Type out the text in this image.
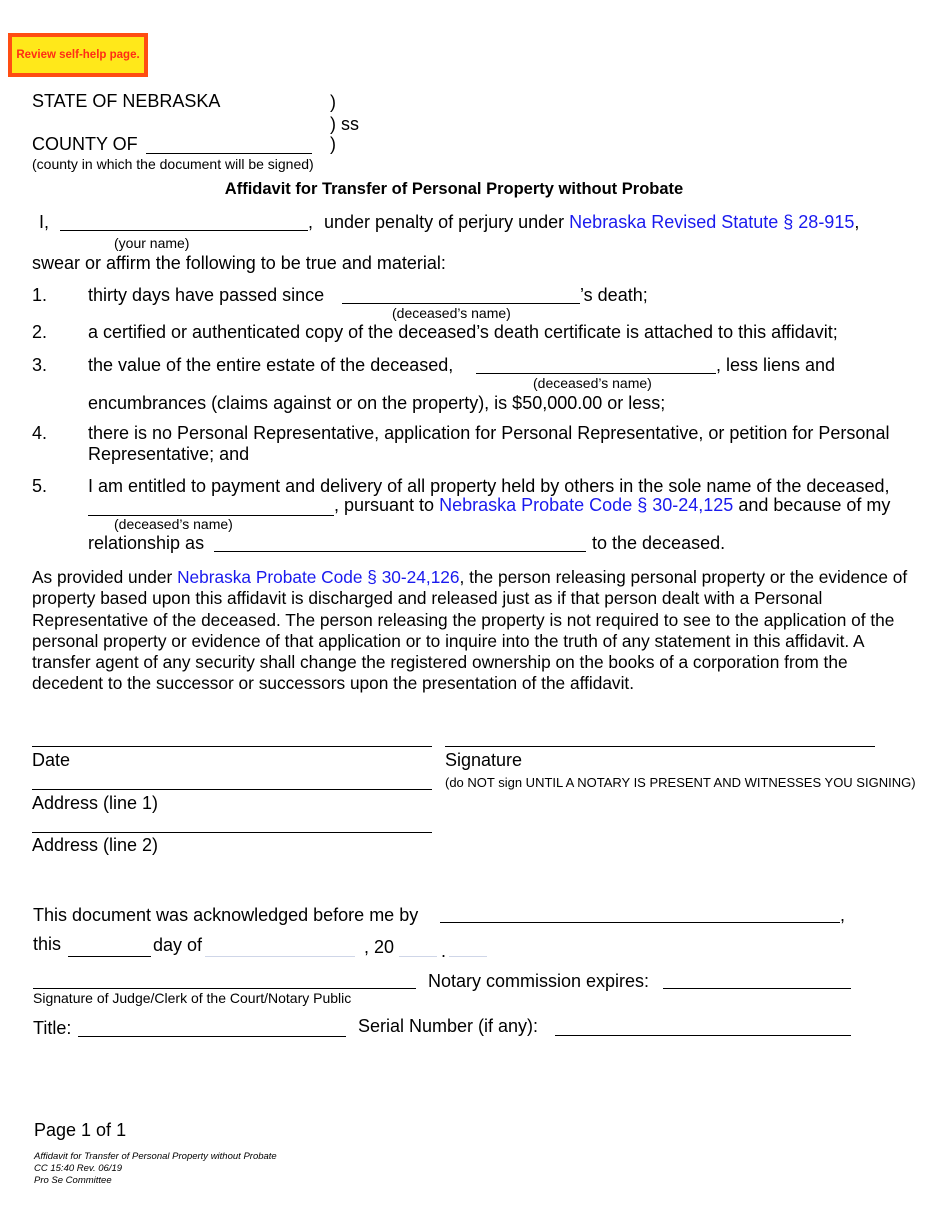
Review self-help page.
STATE OF NEBRASKA	)
) ss
COUNTY OF	)
(county in which the document will be signed)
Affidavit for Transfer of Personal Property without Probate
I,	, under penalty of perjury under Nebraska Revised Statute § 28-915,
(your name)
swear or affirm the following to be true and material:
1. thirty days have passed since	’s death;
(deceased’s name)
2. a certified or authenticated copy of the deceased’s death certificate is attached to this affidavit;
3. the value of the entire estate of the deceased,	, less liens and
(deceased’s name)
encumbrances (claims against or on the property), is $50,000.00 or less;
4. there is no Personal Representative, application for Personal Representative, or petition for Personal
Representative; and
5. I am entitled to payment and delivery of all property held by others in the sole name of the deceased,
, pursuant to Nebraska Probate Code § 30-24,125 and because of my
(deceased’s name)
relationship as	to the deceased.
As provided under Nebraska Probate Code § 30-24,126, the person releasing personal property or the evidence of property based upon this affidavit is discharged and released just as if that person dealt with a Personal Representative of the deceased. The person releasing the property is not required to see to the application of the personal property or evidence of that application or to inquire into the truth of any statement in this affidavit. A transfer agent of any security shall change the registered ownership on the books of a corporation from the decedent to the successor or successors upon the presentation of the affidavit.
Date	Signature
(do NOT sign UNTIL A NOTARY IS PRESENT AND WITNESSES YOU SIGNING)
Address (line 1)
Address (line 2)
This document was acknowledged before me by	,
this	day of	, 20	.
Signature of Judge/Clerk of the Court/Notary Public
Notary commission expires:
Title:	Serial Number (if any):
Page 1 of 1
Affidavit for Transfer of Personal Property without Probate
CC 15:40 Rev. 06/19
Pro Se Committee
